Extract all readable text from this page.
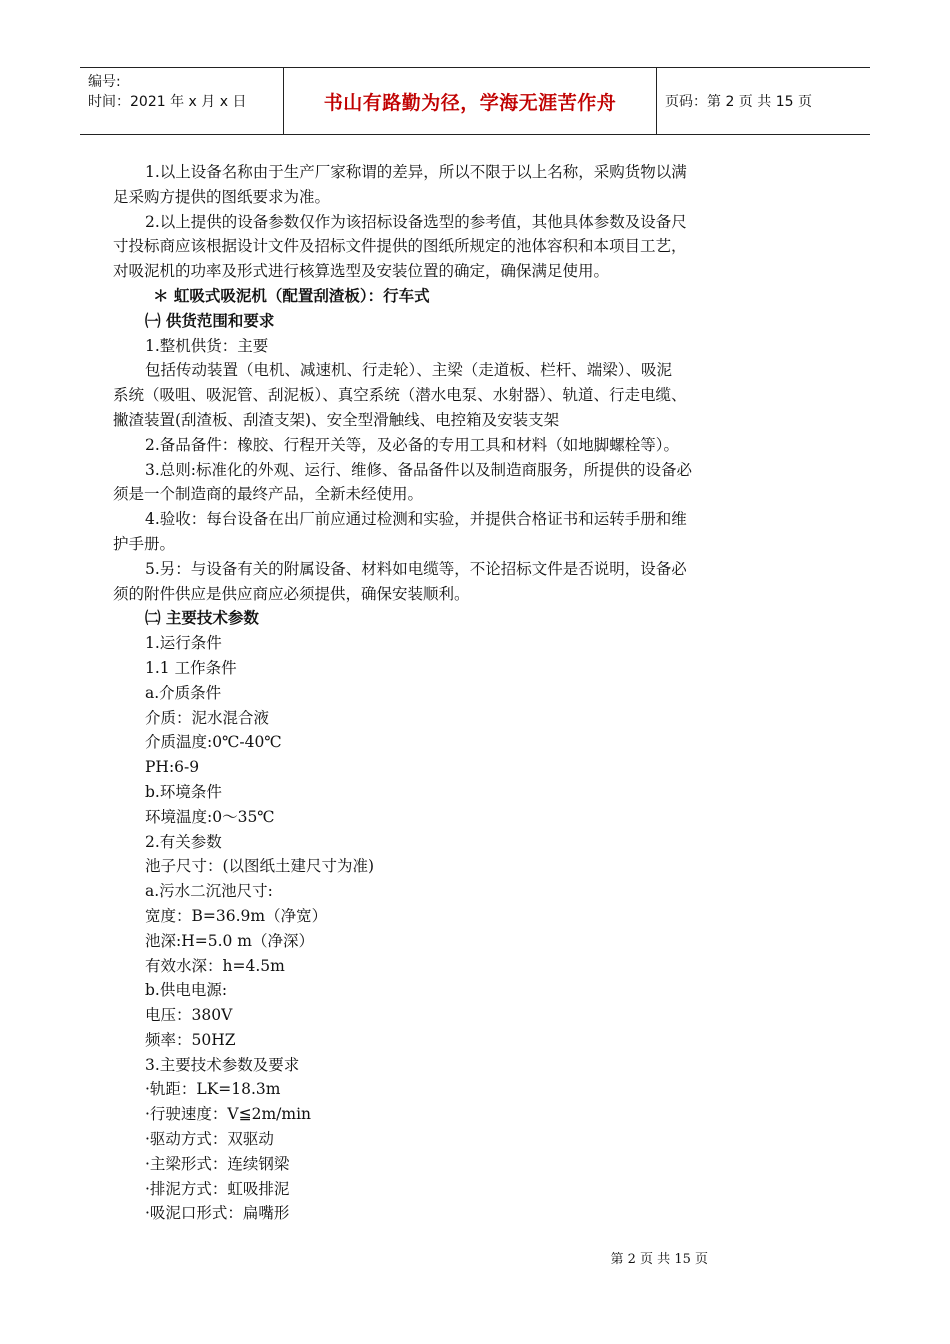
编号:
时间：2021 年 x 月 x 日	书山有路勤为径，学海无涯苦作舟	页码：第 2 页 共 15 页

1.以上设备名称由于生产厂家称谓的差异，所以不限于以上名称，采购货物以满

足采购方提供的图纸要求为准。

2.以上提供的设备参数仅作为该招标设备选型的参考值，其他具体参数及设备尺

寸投标商应该根据设计文件及招标文件提供的图纸所规定的池体容积和本项目工艺，

对吸泥机的功率及形式进行核算选型及安装位置的确定，确保满足使用。

＊ 虹吸式吸泥机（配置刮渣板）：行车式

㈠ 供货范围和要求

1.整机供货：主要

包括传动装置（电机、减速机、行走轮）、主梁（走道板、栏杆、端梁）、吸泥

系统（吸咀、吸泥管、刮泥板）、真空系统（潜水电泵、水射器）、轨道、行走电缆、

撇渣装置(刮渣板、刮渣支架)、安全型滑触线、电控箱及安装支架

2.备品备件：橡胶、行程开关等，及必备的专用工具和材料（如地脚螺栓等）。

3.总则:标准化的外观、运行、维修、备品备件以及制造商服务，所提供的设备必

须是一个制造商的最终产品，全新未经使用。

4.验收：每台设备在出厂前应通过检测和实验，并提供合格证书和运转手册和维

护手册。

5.另：与设备有关的附属设备、材料如电缆等，不论招标文件是否说明，设备必

须的附件供应是供应商应必须提供，确保安装顺利。

㈡ 主要技术参数

1.运行条件

1.1 工作条件

a.介质条件

介质：泥水混合液

介质温度:0℃-40℃

PH:6-9

b.环境条件

环境温度:0～35℃

2.有关参数

池子尺寸：(以图纸土建尺寸为准)

a.污水二沉池尺寸:

宽度：B=36.9m（净宽）

池深:H=5.0 m（净深）

有效水深：h=4.5m

b.供电电源:

电压：380V

频率：50HZ

3.主要技术参数及要求

·轨距：LK=18.3m

·行驶速度：V≦2m/min

·驱动方式：双驱动

·主梁形式：连续钢梁

·排泥方式：虹吸排泥

·吸泥口形式：扁嘴形

第 2 页 共 15 页
